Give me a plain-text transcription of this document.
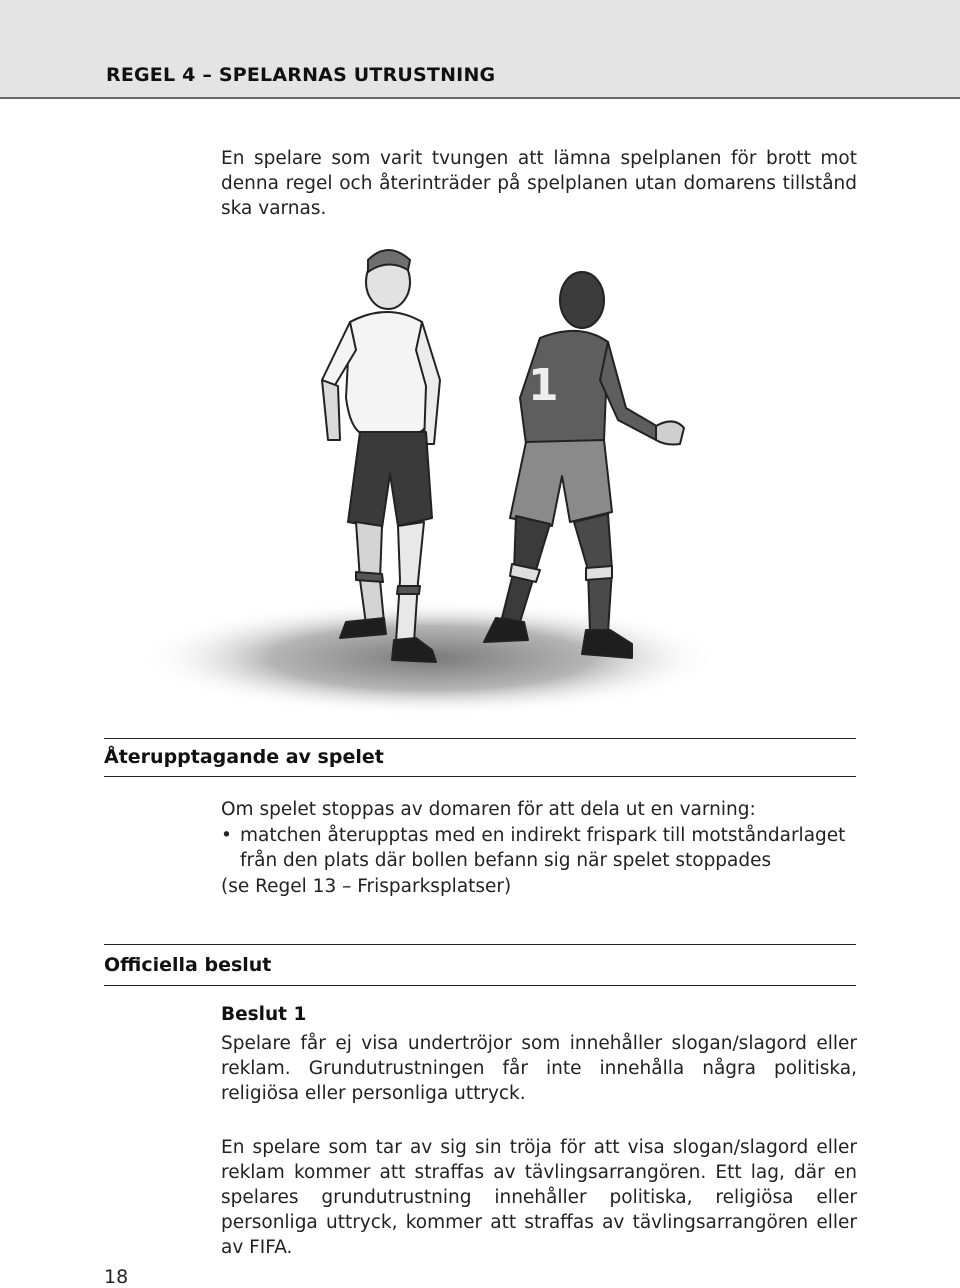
REGEL 4 – SPELARNAS UTRUSTNING

En spelare som varit tvungen att lämna spelplanen för brott mot denna regel och återinträder på spelplanen utan domarens tillstånd ska varnas.

1
Återupptagande av spelet
Om spelet stoppas av domaren för att dela ut en varning:
• matchen återupptas med en indirekt frispark till motståndarlaget
från den plats där bollen befann sig när spelet stoppades
(se Regel 13 – Frisparksplatser)
Officiella beslut
Beslut 1

Spelare får ej visa undertröjor som innehåller slogan/slagord eller reklam. Grundutrustningen får inte innehålla några politiska, religiösa eller personliga uttryck.

En spelare som tar av sig sin tröja för att visa slogan/slagord eller reklam kommer att straffas av tävlingsarrangören. Ett lag, där en spelares grundutrustning innehåller politiska, religiösa eller personliga uttryck, kommer att straffas av tävlingsarrangören eller av FIFA.

18
